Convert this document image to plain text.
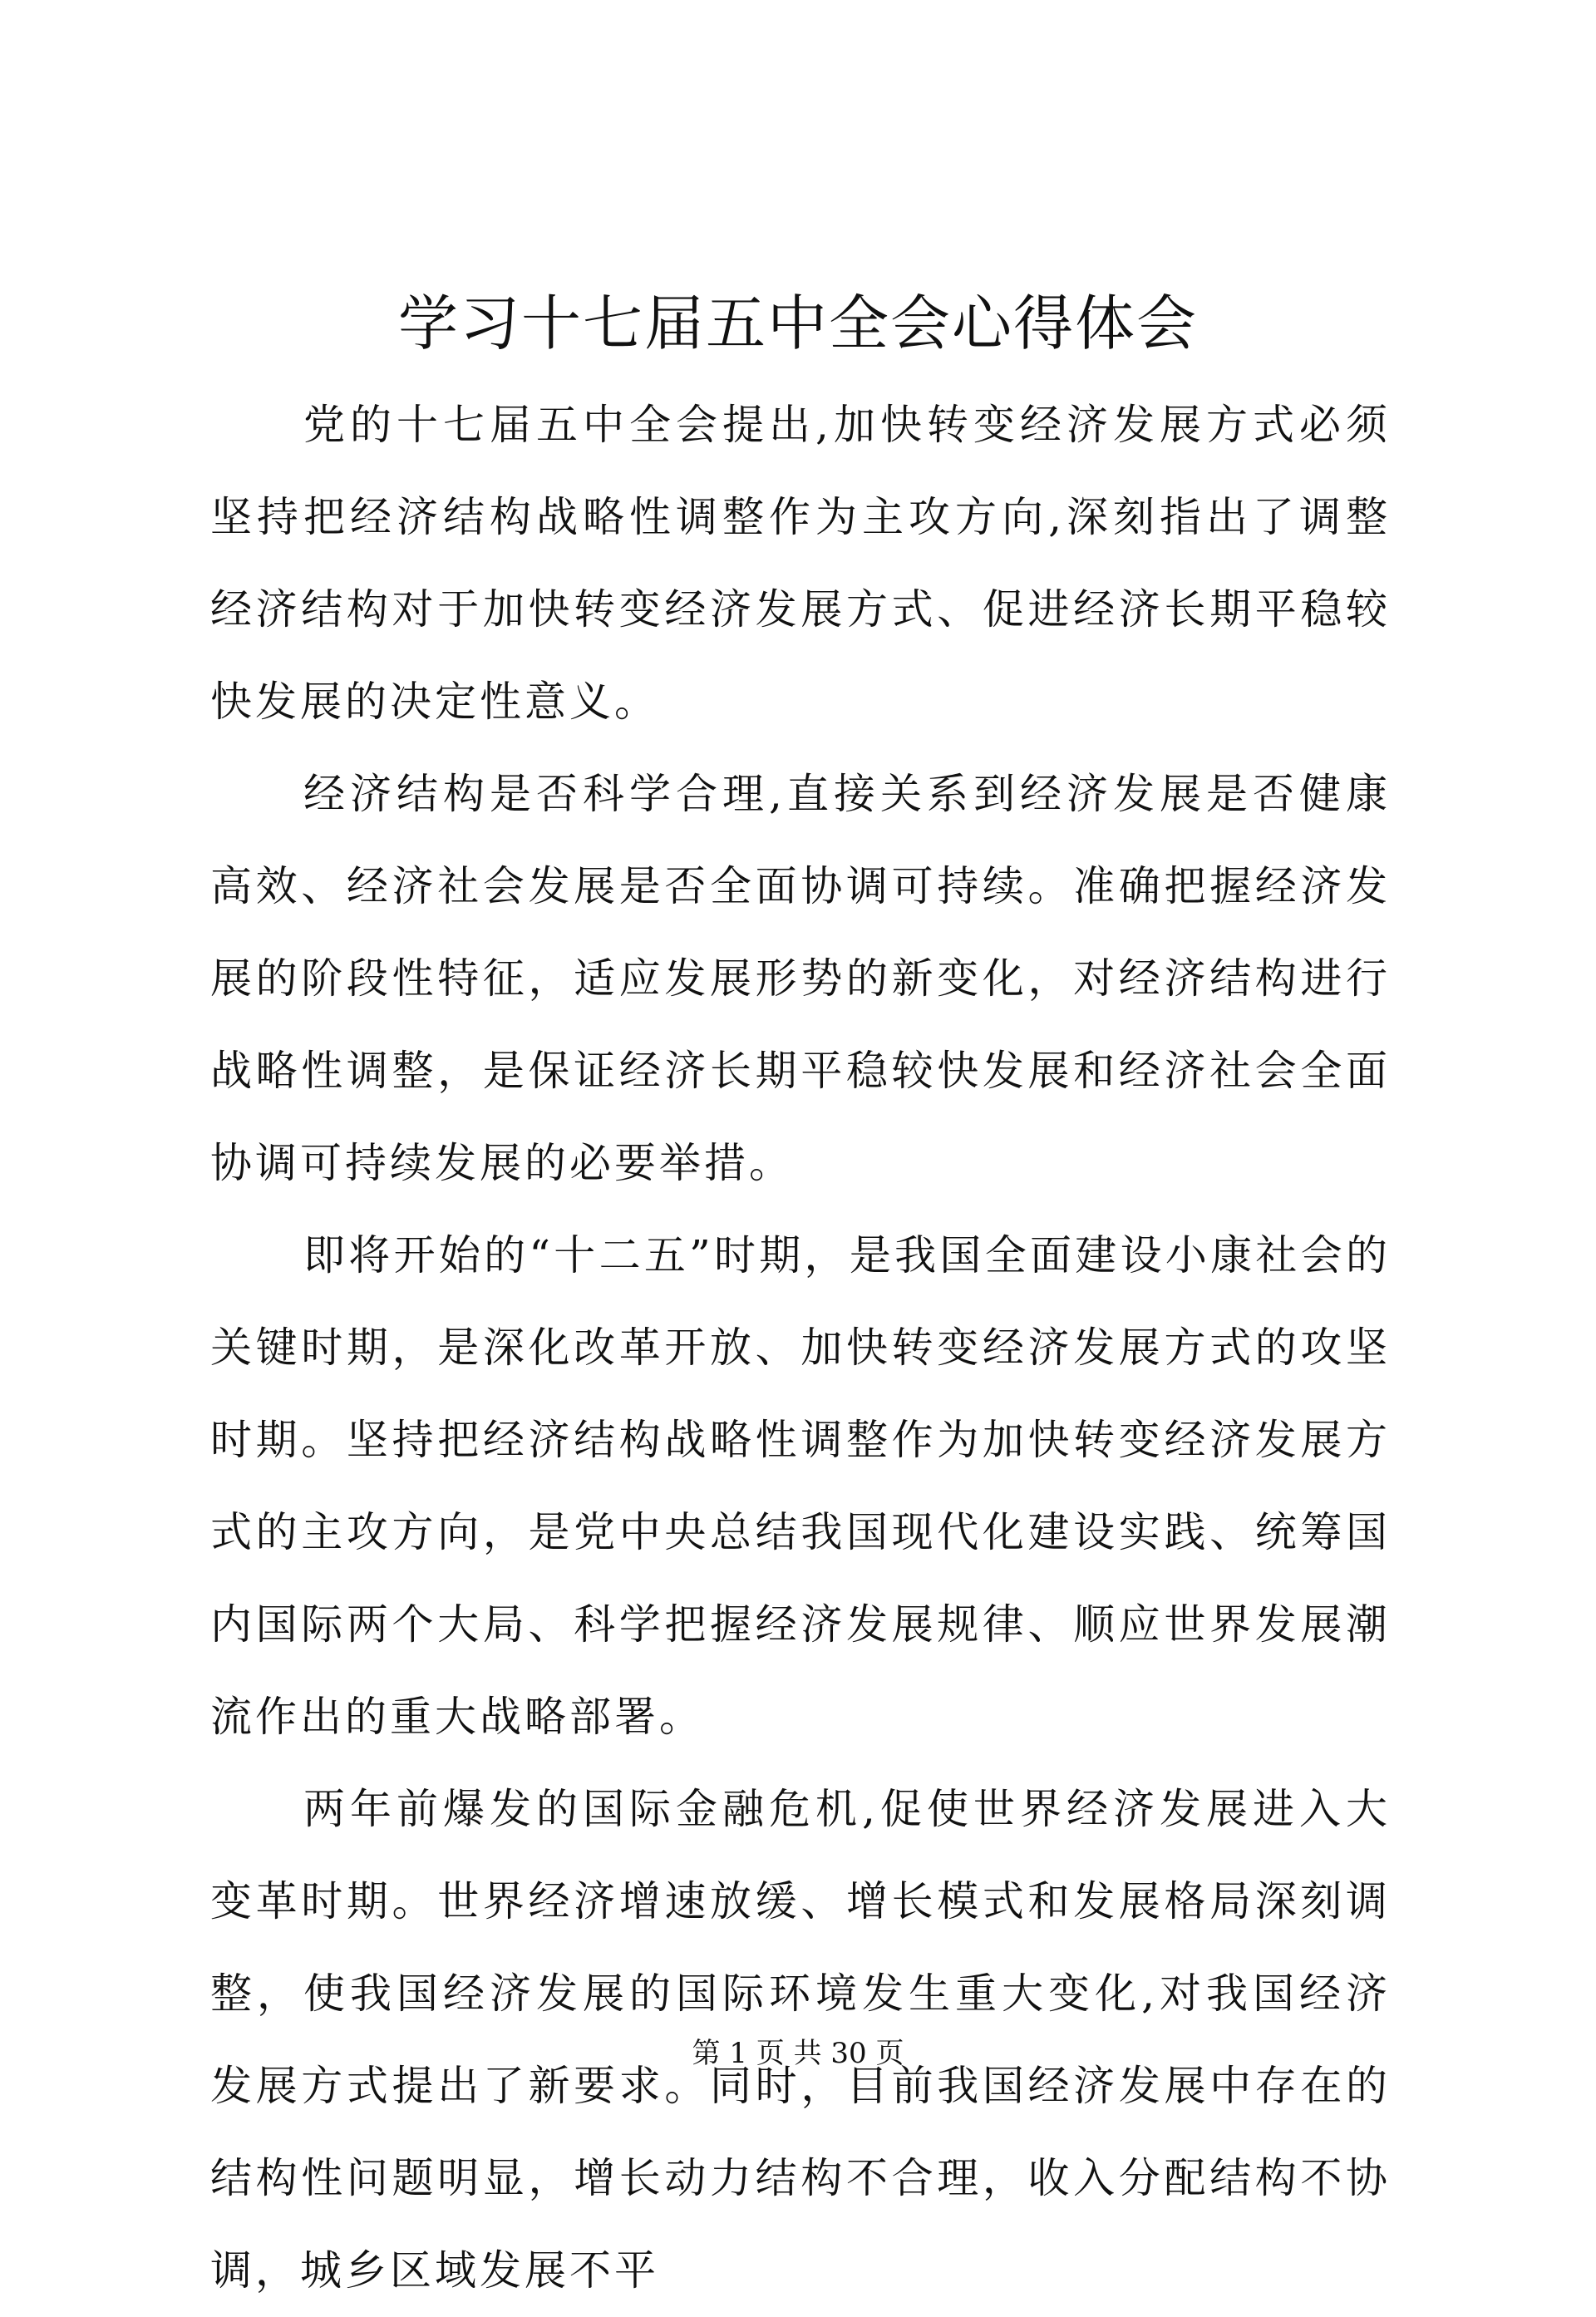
学习十七届五中全会心得体会

党的十七届五中全会提出,加快转变经济发展方式必须坚持把经济结构战略性调整作为主攻方向,深刻指出了调整经济结构对于加快转变经济发展方式、促进经济长期平稳较快发展的决定性意义。

经济结构是否科学合理,直接关系到经济发展是否健康高效、经济社会发展是否全面协调可持续。准确把握经济发展的阶段性特征，适应发展形势的新变化，对经济结构进行战略性调整，是保证经济长期平稳较快发展和经济社会全面协调可持续发展的必要举措。

即将开始的“十二五”时期，是我国全面建设小康社会的关键时期，是深化改革开放、加快转变经济发展方式的攻坚时期。坚持把经济结构战略性调整作为加快转变经济发展方式的主攻方向，是党中央总结我国现代化建设实践、统筹国内国际两个大局、科学把握经济发展规律、顺应世界发展潮流作出的重大战略部署。

两年前爆发的国际金融危机,促使世界经济发展进入大变革时期。世界经济增速放缓、增长模式和发展格局深刻调整，使我国经济发展的国际环境发生重大变化,对我国经济发展方式提出了新要求。同时，目前我国经济发展中存在的结构性问题明显，增长动力结构不合理，收入分配结构不协调，城乡区域发展不平

第 1 页 共 30 页
